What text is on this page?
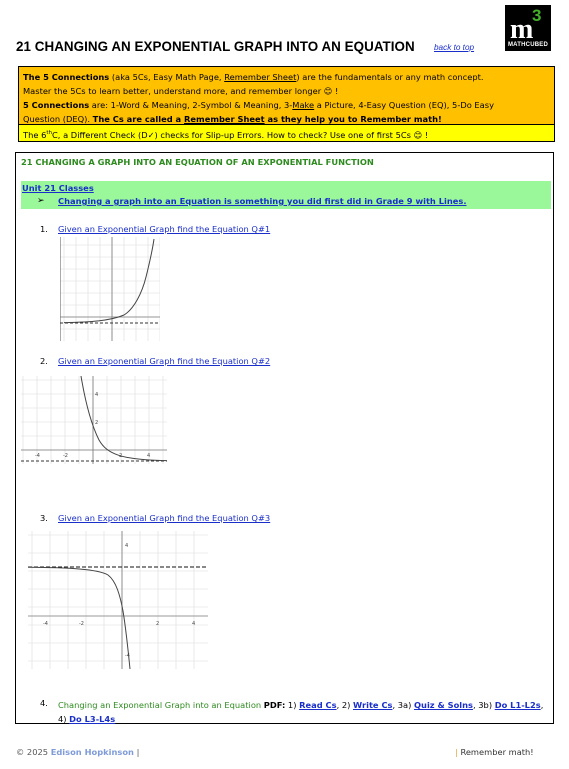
m
3
MATHCUBED
21 CHANGING AN EXPONENTIAL GRAPH INTO AN EQUATION back to top
The 5 Connections (aka 5Cs, Easy Math Page, Remember Sheet) are the fundamentals or any math concept.
Master the 5Cs to learn better, understand more, and remember longer 😊 !
5 Connections are: 1-Word & Meaning, 2-Symbol & Meaning, 3-Make a Picture, 4-Easy Question (EQ), 5-Do Easy
Question (DEQ). The Cs are called a Remember Sheet as they help you to Remember math!
The 6thC, a Different Check (D✓) checks for Slip-up Errors. How to check? Use one of first 5Cs 😊 !
21 CHANGING A GRAPH INTO AN EQUATION OF AN EXPONENTIAL FUNCTION
Unit 21 Classes
➢ Changing a graph into an Equation is something you did first did in Grade 9 with Lines.
1. Given an Exponential Graph find the Equation Q#1
2. Given an Exponential Graph find the Equation Q#2
-4	-2	2	4
4
2
3. Given an Exponential Graph find the Equation Q#3
-4	-2	2	4
4
-4
4. Changing an Exponential Graph into an Equation PDF: 1) Read Cs, 2) Write Cs, 3a) Quiz & Solns, 3b) Do L1-L2s, 4) Do L3-L4s
© 2025 Edison Hopkinson |	| Remember math!
